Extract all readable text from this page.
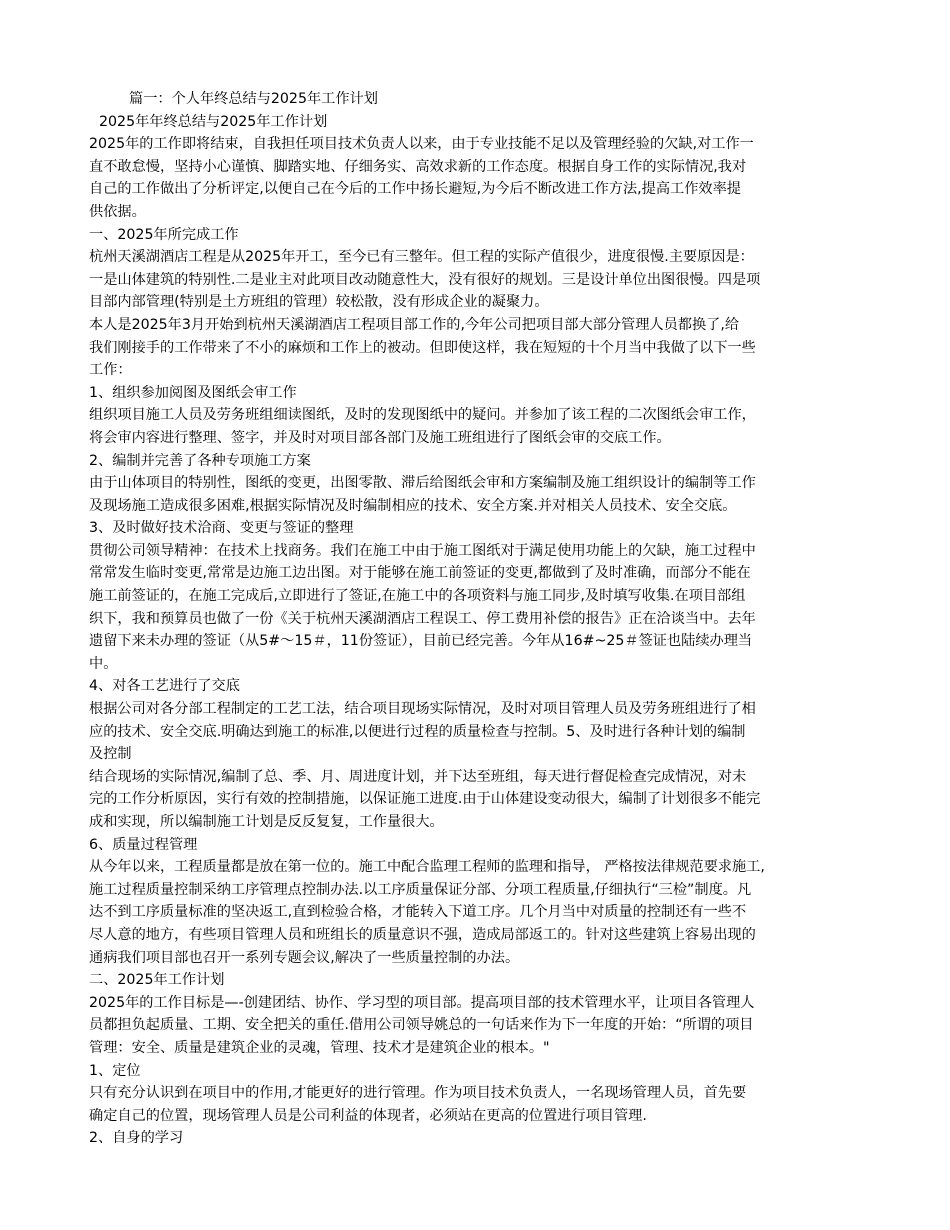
篇一：个人年终总结与2025年工作计划
2025年年终总结与2025年工作计划
2025年的工作即将结束，自我担任项目技术负责人以来，由于专业技能不足以及管理经验的欠缺,对工作一
直不敢怠慢，坚持小心谨慎、脚踏实地、仔细务实、高效求新的工作态度。根据自身工作的实际情况,我对
自己的工作做出了分析评定,以便自己在今后的工作中扬长避短,为今后不断改进工作方法,提高工作效率提
供依据。
一、2025年所完成工作
杭州天溪湖酒店工程是从2025年开工，至今已有三整年。但工程的实际产值很少，进度很慢.主要原因是：
一是山体建筑的特别性.二是业主对此项目改动随意性大，没有很好的规划。三是设计单位出图很慢。四是项
目部内部管理(特别是土方班组的管理）较松散，没有形成企业的凝聚力。
本人是2025年3月开始到杭州天溪湖酒店工程项目部工作的,今年公司把项目部大部分管理人员都换了,给
我们刚接手的工作带来了不小的麻烦和工作上的被动。但即使这样，我在短短的十个月当中我做了以下一些
工作：
1、组织参加阅图及图纸会审工作
组织项目施工人员及劳务班组细读图纸，及时的发现图纸中的疑问。并参加了该工程的二次图纸会审工作，
将会审内容进行整理、签字，并及时对项目部各部门及施工班组进行了图纸会审的交底工作。
2、编制并完善了各种专项施工方案
由于山体项目的特别性，图纸的变更，出图零散、滞后给图纸会审和方案编制及施工组织设计的编制等工作
及现场施工造成很多困难,根据实际情况及时编制相应的技术、安全方案.并对相关人员技术、安全交底。
3、及时做好技术洽商、变更与签证的整理
贯彻公司领导精神：在技术上找商务。我们在施工中由于施工图纸对于满足使用功能上的欠缺，施工过程中
常常发生临时变更,常常是边施工边出图。对于能够在施工前签证的变更,都做到了及时准确，而部分不能在
施工前签证的，在施工完成后,立即进行了签证,在施工中的各项资料与施工同步,及时填写收集.在项目部组
织下，我和预算员也做了一份《关于杭州天溪湖酒店工程误工、停工费用补偿的报告》正在洽谈当中。去年
遗留下来未办理的签证（从5#～15＃，11份签证），目前已经完善。今年从16#~25＃签证也陆续办理当
中。
4、对各工艺进行了交底
根据公司对各分部工程制定的工艺工法，结合项目现场实际情况，及时对项目管理人员及劳务班组进行了相
应的技术、安全交底.明确达到施工的标准,以便进行过程的质量检查与控制。5、及时进行各种计划的编制
及控制
结合现场的实际情况,编制了总、季、月、周进度计划，并下达至班组，每天进行督促检查完成情况，对未
完的工作分析原因，实行有效的控制措施，以保证施工进度.由于山体建设变动很大，编制了计划很多不能完
成和实现，所以编制施工计划是反反复复，工作量很大。
6、质量过程管理
从今年以来，工程质量都是放在第一位的。施工中配合监理工程师的监理和指导， 严格按法律规范要求施工,
施工过程质量控制采纳工序管理点控制办法.以工序质量保证分部、分项工程质量,仔细执行“三检”制度。凡
达不到工序质量标准的坚决返工,直到检验合格，才能转入下道工序。几个月当中对质量的控制还有一些不
尽人意的地方，有些项目管理人员和班组长的质量意识不强，造成局部返工的。针对这些建筑上容易出现的
通病我们项目部也召开一系列专题会议,解决了一些质量控制的办法。
二、2025年工作计划
2025年的工作目标是—-创建团结、协作、学习型的项目部。提高项目部的技术管理水平，让项目各管理人
员都担负起质量、工期、安全把关的重任.借用公司领导姚总的一句话来作为下一年度的开始：“所谓的项目
管理：安全、质量是建筑企业的灵魂，管理、技术才是建筑企业的根本。"
1、定位
只有充分认识到在项目中的作用,才能更好的进行管理。作为项目技术负责人，一名现场管理人员，首先要
确定自己的位置，现场管理人员是公司利益的体现者，必须站在更高的位置进行项目管理.
2、自身的学习
